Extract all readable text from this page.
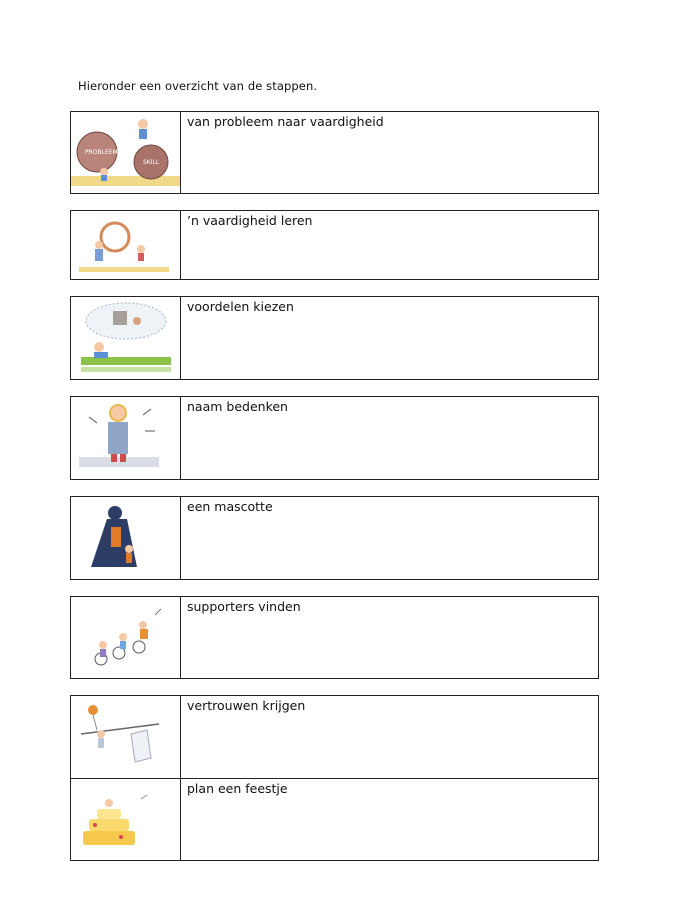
Hieronder een overzicht van de stappen.
PROBLEEM
SKILL
van probleem naar vaardigheid
’n vaardigheid leren
voordelen kiezen
naam bedenken
een mascotte
supporters vinden
vertrouwen krijgen
plan een feestje
